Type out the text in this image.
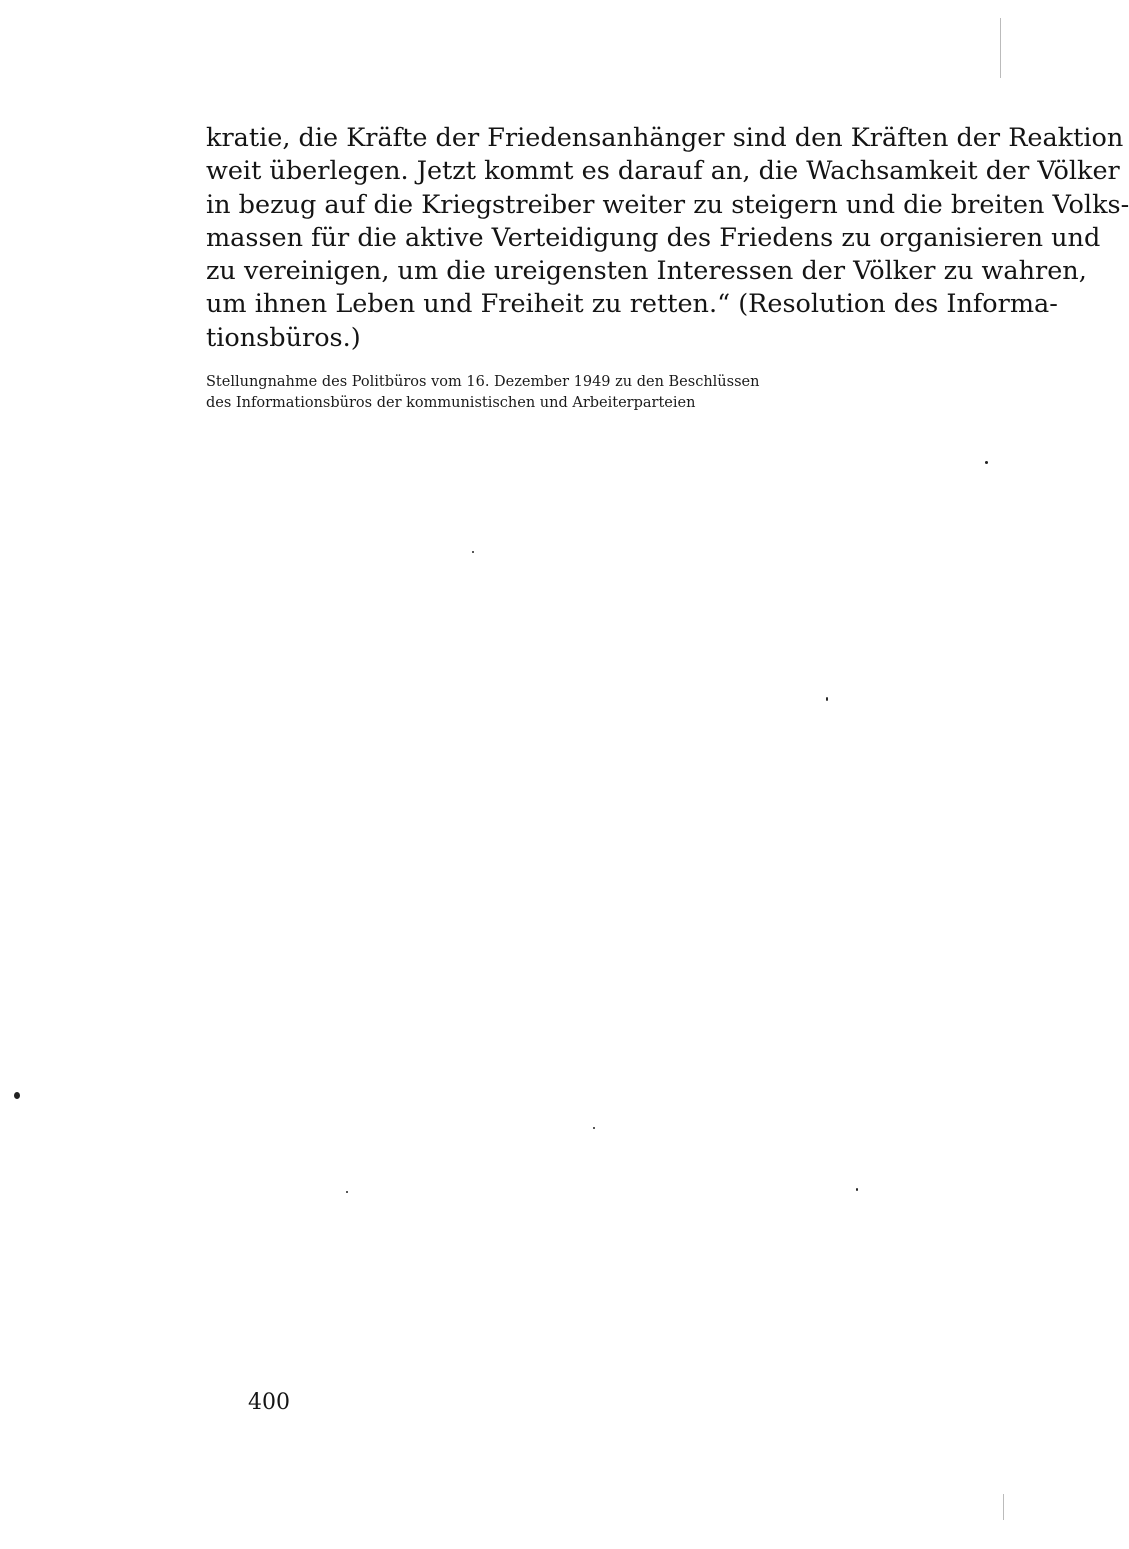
kratie, die Kräfte der Friedensanhänger sind den Kräften der Reaktion
weit überlegen. Jetzt kommt es darauf an, die Wachsamkeit der Völker
in bezug auf die Kriegstreiber weiter zu steigern und die breiten Volks-
massen für die aktive Verteidigung des Friedens zu organisieren und
zu vereinigen, um die ureigensten Interessen der Völker zu wahren,
um ihnen Leben und Freiheit zu retten.“ (Resolution des Informa-
tionsbüros.)
Stellungnahme des Politbüros vom 16. Dezember 1949 zu den Beschlüssen
des Informationsbüros der kommunistischen und Arbeiterparteien
400
